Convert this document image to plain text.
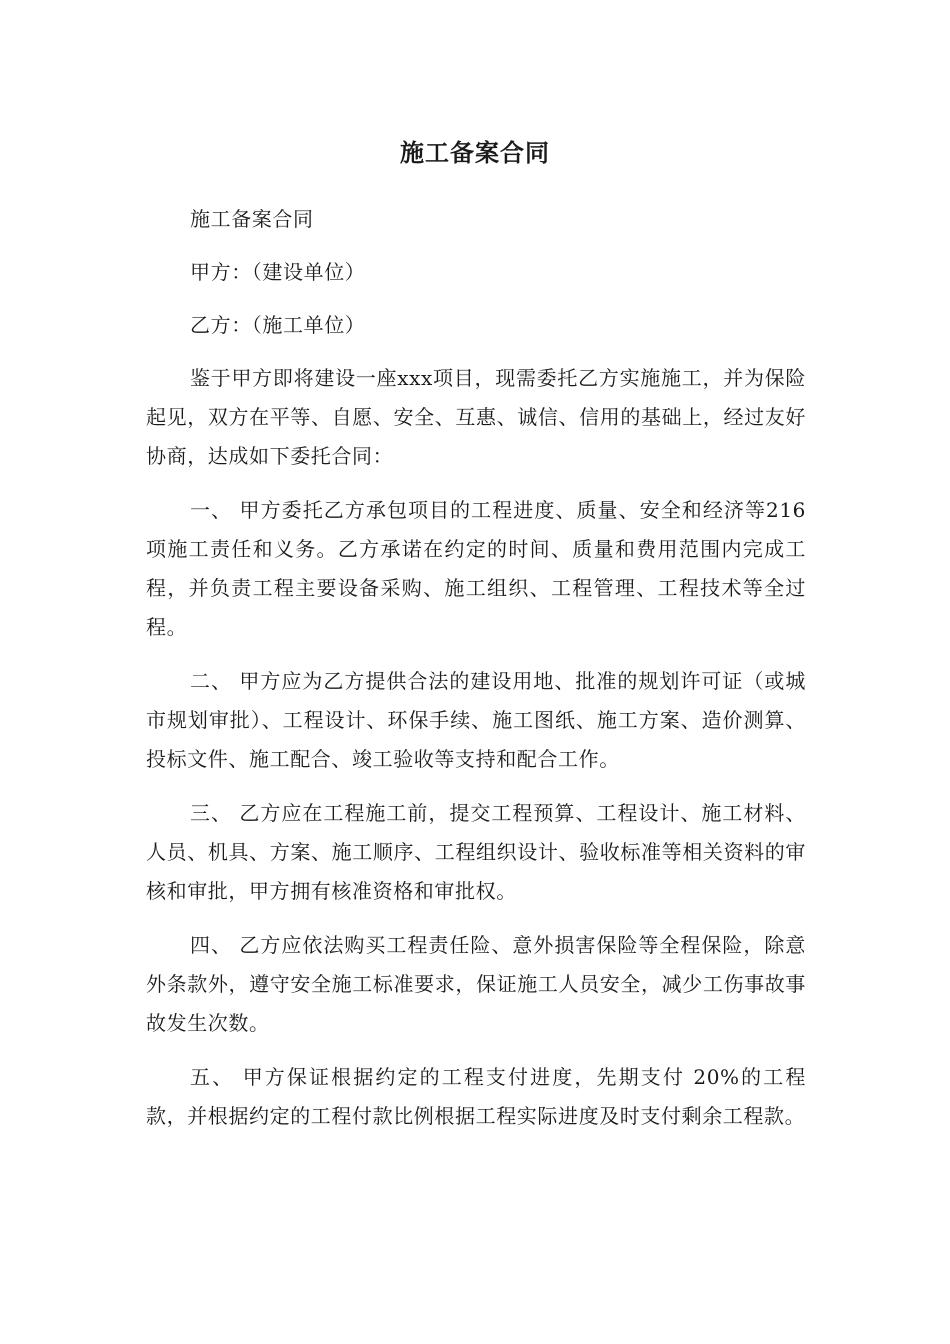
施工备案合同

施工备案合同

甲方：（建设单位）

乙方：（施工单位）

鉴于甲方即将建设一座xxx项目，现需委托乙方实施施工，并为保险起见，双方在平等、自愿、安全、互惠、诚信、信用的基础上，经过友好协商，达成如下委托合同：

一、 甲方委托乙方承包项目的工程进度、质量、安全和经济等216项施工责任和义务。乙方承诺在约定的时间、质量和费用范围内完成工程，并负责工程主要设备采购、施工组织、工程管理、工程技术等全过程。

二、 甲方应为乙方提供合法的建设用地、批准的规划许可证（或城市规划审批）、工程设计、环保手续、施工图纸、施工方案、造价测算、投标文件、施工配合、竣工验收等支持和配合工作。

三、 乙方应在工程施工前，提交工程预算、工程设计、施工材料、人员、机具、方案、施工顺序、工程组织设计、验收标准等相关资料的审核和审批，甲方拥有核准资格和审批权。

四、 乙方应依法购买工程责任险、意外损害保险等全程保险，除意外条款外，遵守安全施工标准要求，保证施工人员安全，减少工伤事故事故发生次数。

五、 甲方保证根据约定的工程支付进度，先期支付 20%的工程款，并根据约定的工程付款比例根据工程实际进度及时支付剩余工程款。
